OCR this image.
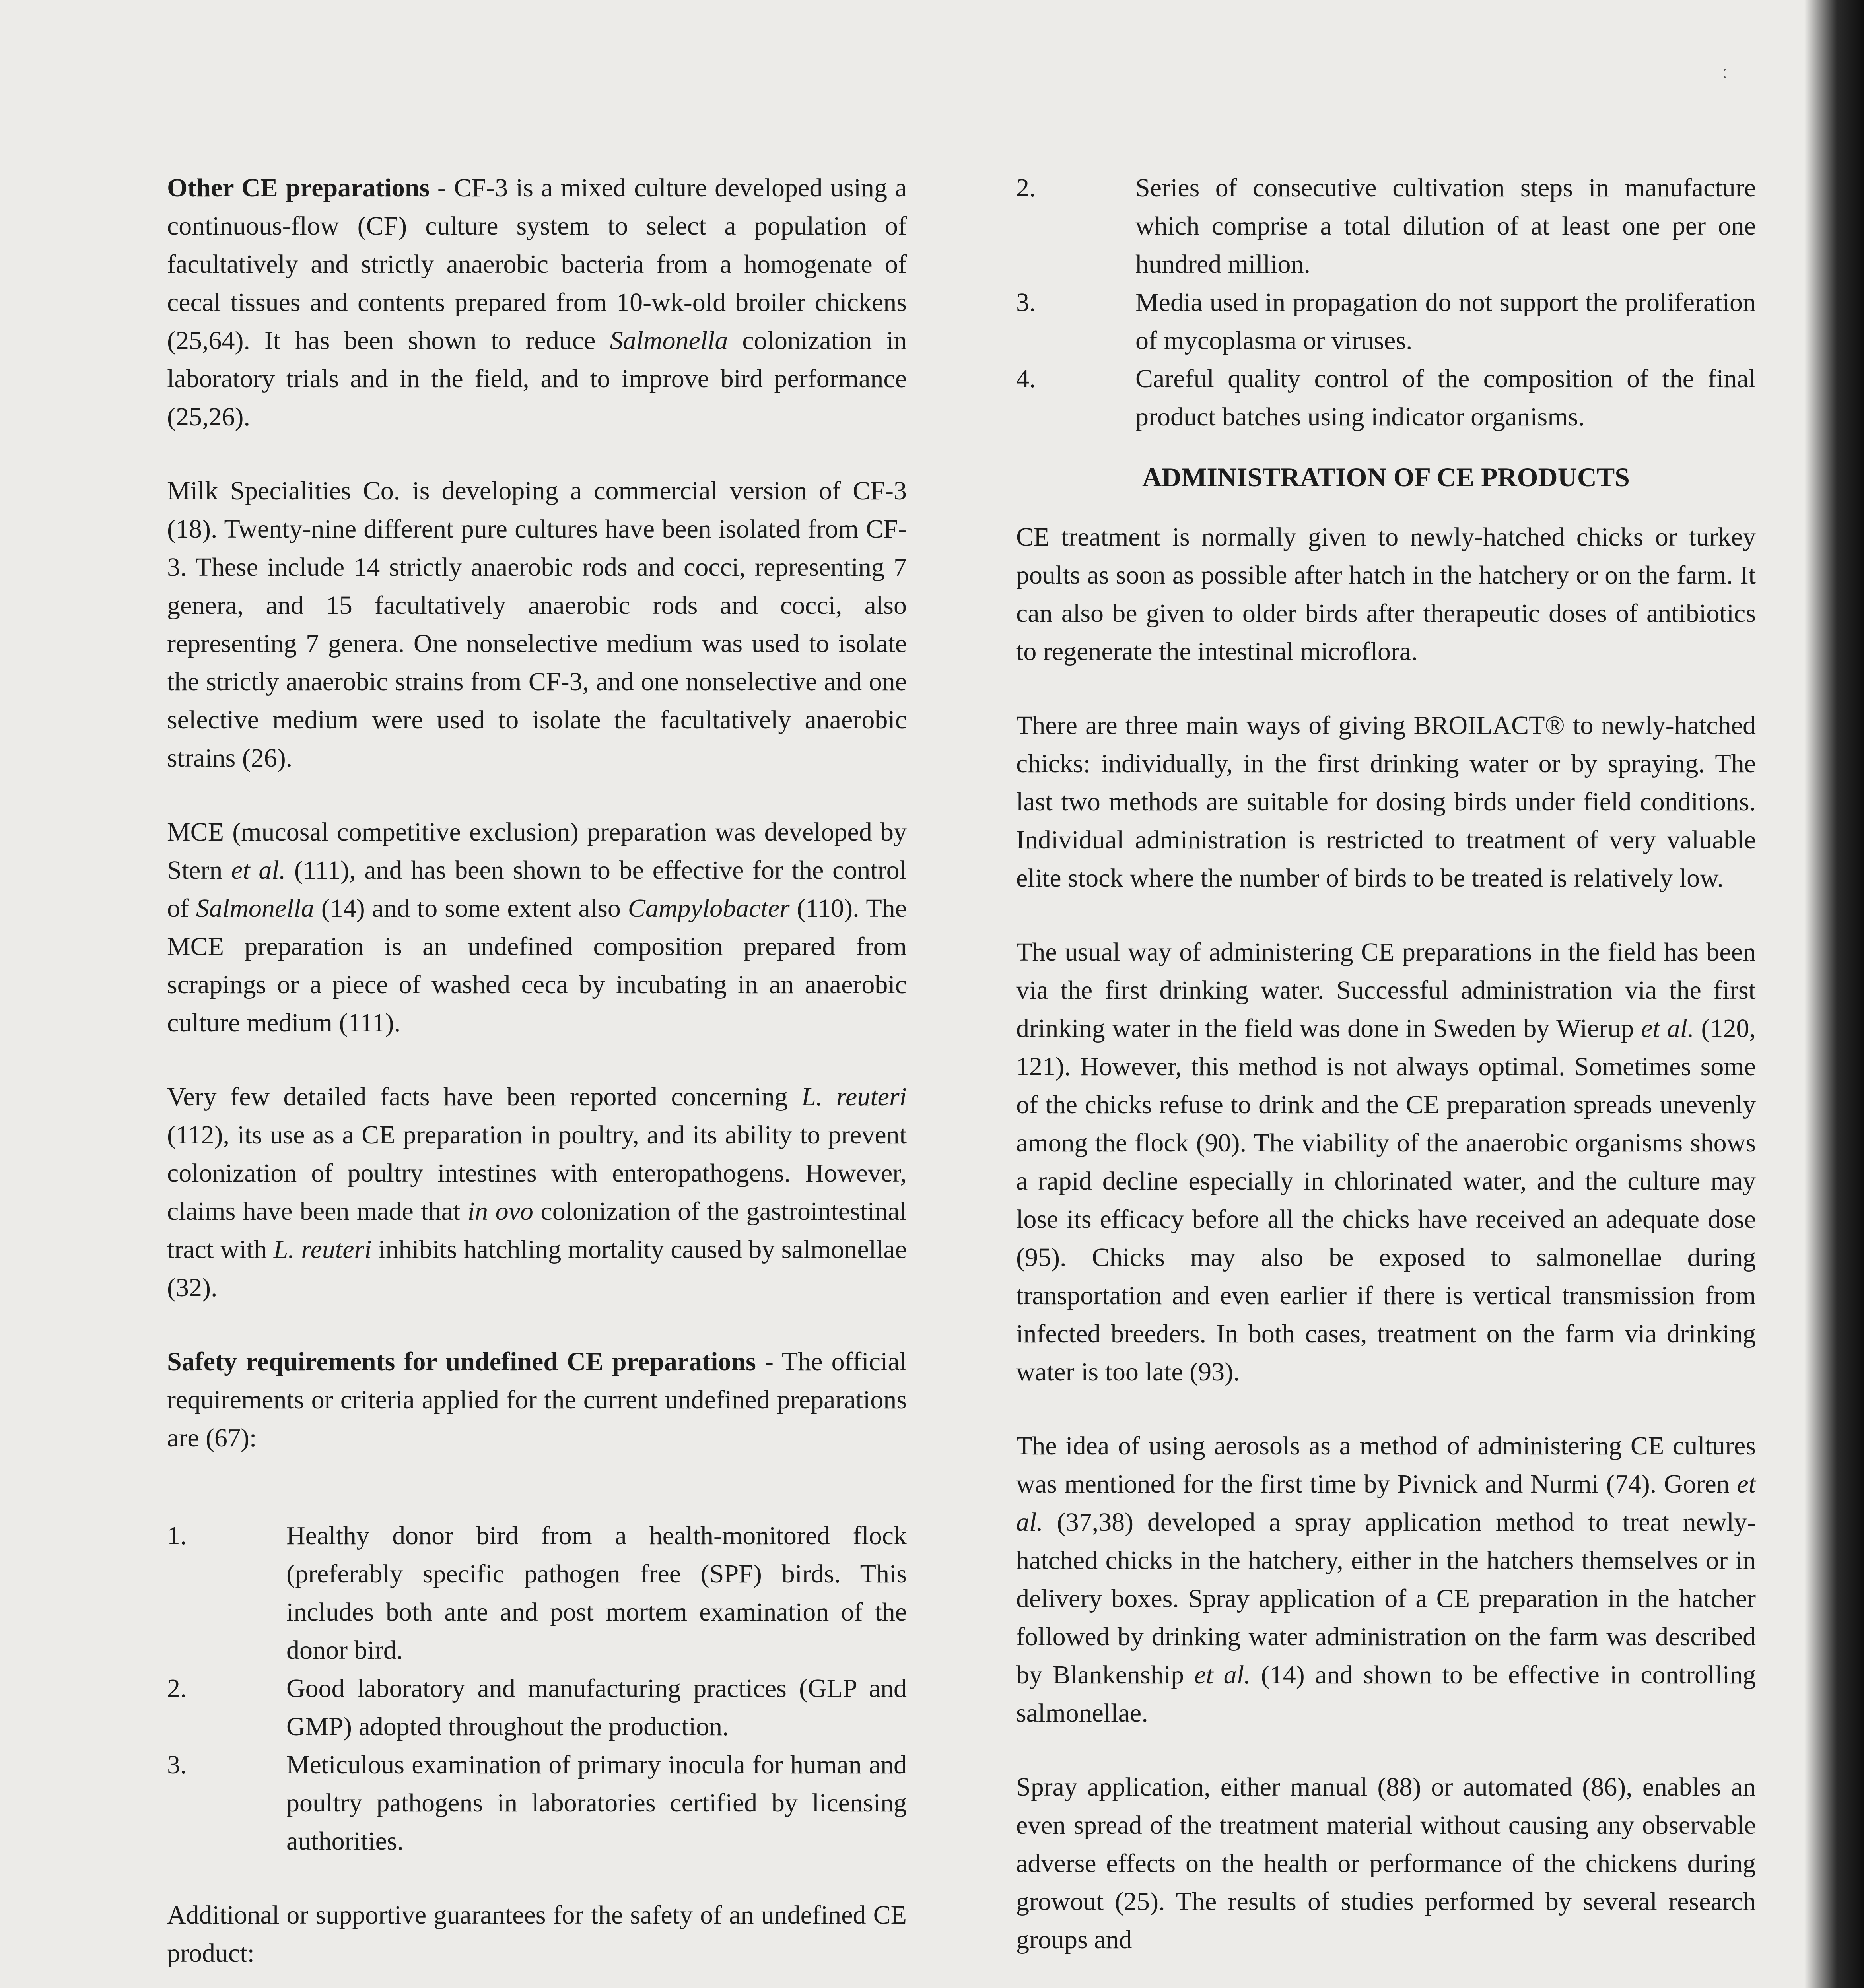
ː

Other CE preparations - CF-3 is a mixed culture developed using a continuous-flow (CF) culture system to select a population of facultatively and strictly anaerobic bacteria from a homogenate of cecal tissues and contents prepared from 10-wk-old broiler chickens (25,64). It has been shown to reduce Salmonella colonization in laboratory trials and in the field, and to improve bird performance (25,26).

Milk Specialities Co. is developing a commercial version of CF-3 (18). Twenty-nine different pure cultures have been isolated from CF-3. These include 14 strictly anaerobic rods and cocci, representing 7 genera, and 15 facultatively anaerobic rods and cocci, also representing 7 genera. One nonselective medium was used to isolate the strictly anaerobic strains from CF-3, and one nonselective and one selective medium were used to isolate the facultatively anaerobic strains (26).

MCE (mucosal competitive exclusion) preparation was developed by Stern et al. (111), and has been shown to be effective for the control of Salmonella (14) and to some extent also Campylobacter (110). The MCE preparation is an undefined composition prepared from scrapings or a piece of washed ceca by incubating in an anaerobic culture medium (111).

Very few detailed facts have been reported concerning L. reuteri (112), its use as a CE preparation in poultry, and its ability to prevent colonization of poultry intestines with enteropathogens. However, claims have been made that in ovo colonization of the gastrointestinal tract with L. reuteri inhibits hatchling mortality caused by salmonellae (32).

Safety requirements for undefined CE preparations - The official requirements or criteria applied for the current undefined preparations are (67):

1.	Healthy donor bird from a health-monitored flock (preferably specific pathogen free (SPF) birds. This includes both ante and post mortem examination of the donor bird.

2.	Good laboratory and manufacturing practices (GLP and GMP) adopted throughout the production.

3.	Meticulous examination of primary inocula for human and poultry pathogens in laboratories certified by licensing authorities.

Additional or supportive guarantees for the safety of an undefined CE product:

2.	Series of consecutive cultivation steps in manufacture which comprise a total dilution of at least one per one hundred million.

3.	Media used in propagation do not support the proliferation of mycoplasma or viruses.

4.	Careful quality control of the composition of the final product batches using indicator organisms.

ADMINISTRATION OF CE PRODUCTS

CE treatment is normally given to newly-hatched chicks or turkey poults as soon as possible after hatch in the hatchery or on the farm. It can also be given to older birds after therapeutic doses of antibiotics to regenerate the intestinal microflora.

There are three main ways of giving BROILACT® to newly-hatched chicks: individually, in the first drinking water or by spraying. The last two methods are suitable for dosing birds under field conditions. Individual administration is restricted to treatment of very valuable elite stock where the number of birds to be treated is relatively low.

The usual way of administering CE preparations in the field has been via the first drinking water. Successful administration via the first drinking water in the field was done in Sweden by Wierup et al. (120, 121). However, this method is not always optimal. Sometimes some of the chicks refuse to drink and the CE preparation spreads unevenly among the flock (90). The viability of the anaerobic organisms shows a rapid decline especially in chlorinated water, and the culture may lose its efficacy before all the chicks have received an adequate dose (95). Chicks may also be exposed to salmonellae during transportation and even earlier if there is vertical transmission from infected breeders. In both cases, treatment on the farm via drinking water is too late (93).

The idea of using aerosols as a method of administering CE cultures was mentioned for the first time by Pivnick and Nurmi (74). Goren et al. (37,38) developed a spray application method to treat newly-hatched chicks in the hatchery, either in the hatchers themselves or in delivery boxes. Spray application of a CE preparation in the hatcher followed by drinking water administration on the farm was described by Blankenship et al. (14) and shown to be effective in controlling salmonellae.

Spray application, either manual (88) or automated (86), enables an even spread of the treatment material without causing any observable adverse effects on the health or performance of the chickens during growout (25). The results of studies performed by several research groups and
